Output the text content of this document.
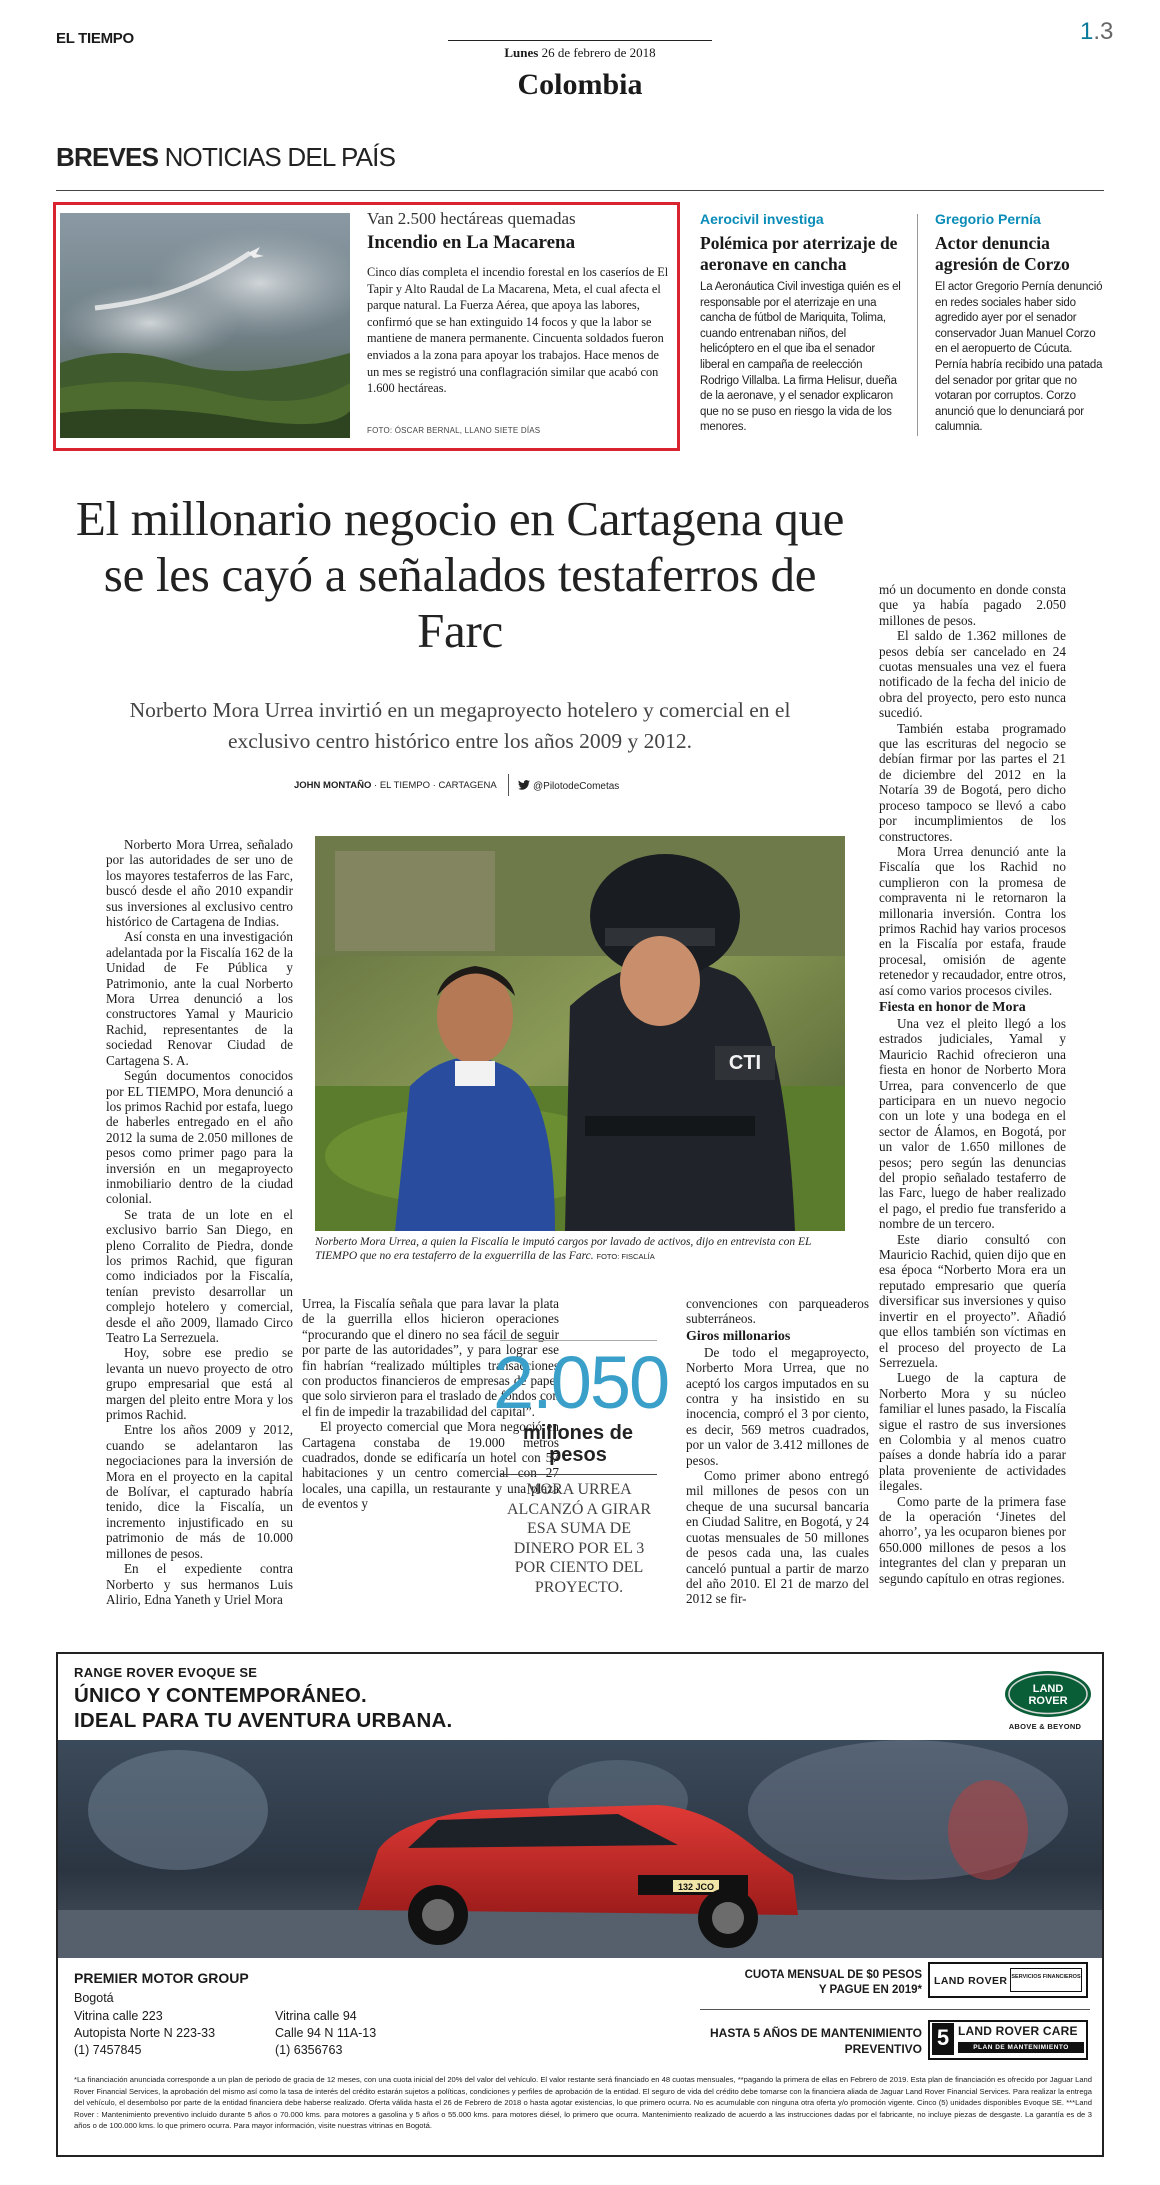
EL TIEMPO
Lunes 26 de febrero de 2018
Colombia
1.3
BREVES NOTICIAS DEL PAÍS
Van 2.500 hectáreas quemadas
Incendio en La Macarena
Cinco días completa el incendio forestal en los caseríos de El Tapir y Alto Raudal de La Macarena, Meta, el cual afecta el parque natural. La Fuerza Aérea, que apoya las labores, confirmó que se han extinguido 14 focos y que la labor se mantiene de manera permanente. Cincuenta soldados fueron enviados a la zona para apoyar los trabajos. Hace menos de un mes se registró una conflagración similar que acabó con 1.600 hectáreas.
FOTO: ÓSCAR BERNAL, LLANO SIETE DÍAS
Aerocivil investiga
Polémica por aterrizaje de aeronave en cancha
La Aeronáutica Civil investiga quién es el responsable por el aterrizaje en una cancha de fútbol de Mariquita, Tolima, cuando entrenaban niños, del helicóptero en el que iba el senador liberal en campaña de reelección Rodrigo Villalba. La firma Helisur, dueña de la aeronave, y el senador explicaron que no se puso en riesgo la vida de los menores.
Gregorio Pernía
Actor denuncia agresión de Corzo
El actor Gregorio Pernía denunció en redes sociales haber sido agredido ayer por el senador conservador Juan Manuel Corzo en el aeropuerto de Cúcuta. Pernía habría recibido una patada del senador por gritar que no votaran por corruptos. Corzo anunció que lo denunciará por calumnia.
El millonario negocio en Cartagena que se les cayó a señalados testaferros de Farc
Norberto Mora Urrea invirtió en un megaproyecto hotelero y comercial en el exclusivo centro histórico entre los años 2009 y 2012.
JOHN MONTAÑO · EL TIEMPO · CARTAGENA	@PilotodeCometas
CTI
Norberto Mora Urrea, a quien la Fiscalía le imputó cargos por lavado de activos, dijo en entrevista con EL TIEMPO que no era testaferro de la exguerrilla de las Farc. FOTO: FISCALÍA

Norberto Mora Urrea, señalado por las autoridades de ser uno de los mayores testaferros de las Farc, buscó desde el año 2010 expandir sus inversiones al exclusivo centro histórico de Cartagena de Indias.

Así consta en una investigación adelantada por la Fiscalía 162 de la Unidad de Fe Pública y Patrimonio, ante la cual Norberto Mora Urrea denunció a los constructores Yamal y Mauricio Rachid, representantes de la sociedad Renovar Ciudad de Cartagena S. A.

Según documentos conocidos por EL TIEMPO, Mora denunció a los primos Rachid por estafa, luego de haberles entregado en el año 2012 la suma de 2.050 millones de pesos como primer pago para la inversión en un megaproyecto inmobiliario dentro de la ciudad colonial.

Se trata de un lote en el exclusivo barrio San Diego, en pleno Corralito de Piedra, donde los primos Rachid, que figuran como indiciados por la Fiscalía, tenían previsto desarrollar un complejo hotelero y comercial, desde el año 2009, llamado Circo Teatro La Serrezuela.

Hoy, sobre ese predio se levanta un nuevo proyecto de otro grupo empresarial que está al margen del pleito entre Mora y los primos Rachid.

Entre los años 2009 y 2012, cuando se adelantaron las negociaciones para la inversión de Mora en el proyecto en la capital de Bolívar, el capturado habría tenido, dice la Fiscalía, un incremento injustificado en su patrimonio de más de 10.000 millones de pesos.

En el expediente contra Norberto y sus hermanos Luis Alirio, Edna Yaneth y Uriel Mora

Urrea, la Fiscalía señala que para lavar la plata de la guerrilla ellos hicieron operaciones “procurando que el dinero no sea fácil de seguir por parte de las autoridades”, y para lograr ese fin habrían “realizado múltiples transacciones con productos financieros de empresas de papel que solo sirvieron para el traslado de fondos con el fin de impedir la trazabilidad del capital”.

El proyecto comercial que Mora negoció en Cartagena constaba de 19.000 metros cuadrados, donde se edificaría un hotel con 57 habitaciones y un centro comercial con 27 locales, una capilla, un restaurante y una plaza de eventos y

2.050
millones de pesos
MORA URREA ALCANZÓ A GIRAR ESA SUMA DE DINERO POR EL 3 POR CIENTO DEL PROYECTO.

convenciones con parqueaderos subterráneos.

Giros millonarios

De todo el megaproyecto, Norberto Mora Urrea, que no aceptó los cargos imputados en su contra y ha insistido en su inocencia, compró el 3 por ciento, es decir, 569 metros cuadrados, por un valor de 3.412 millones de pesos.

Como primer abono entregó mil millones de pesos con un cheque de una sucursal bancaria en Ciudad Salitre, en Bogotá, y 24 cuotas mensuales de 50 millones de pesos cada una, las cuales canceló puntual a partir de marzo del año 2010. El 21 de marzo del 2012 se fir-

mó un documento en donde consta que ya había pagado 2.050 millones de pesos.

El saldo de 1.362 millones de pesos debía ser cancelado en 24 cuotas mensuales una vez el fuera notificado de la fecha del inicio de obra del proyecto, pero esto nunca sucedió.

También estaba programado que las escrituras del negocio se debían firmar por las partes el 21 de diciembre del 2012 en la Notaría 39 de Bogotá, pero dicho proceso tampoco se llevó a cabo por incumplimientos de los constructores.

Mora Urrea denunció ante la Fiscalía que los Rachid no cumplieron con la promesa de compraventa ni le retornaron la millonaria inversión. Contra los primos Rachid hay varios procesos en la Fiscalía por estafa, fraude procesal, omisión de agente retenedor y recaudador, entre otros, así como varios procesos civiles.

Fiesta en honor de Mora

Una vez el pleito llegó a los estrados judiciales, Yamal y Mauricio Rachid ofrecieron una fiesta en honor de Norberto Mora Urrea, para convencerlo de que participara en un nuevo negocio con un lote y una bodega en el sector de Álamos, en Bogotá, por un valor de 1.650 millones de pesos; pero según las denuncias del propio señalado testaferro de las Farc, luego de haber realizado el pago, el predio fue transferido a nombre de un tercero.

Este diario consultó con Mauricio Rachid, quien dijo que en esa época “Norberto Mora era un reputado empresario que quería diversificar sus inversiones y quiso invertir en el proyecto”. Añadió que ellos también son víctimas en el proceso del proyecto de La Serrezuela.

Luego de la captura de Norberto Mora y su núcleo familiar el lunes pasado, la Fiscalía sigue el rastro de sus inversiones en Colombia y al menos cuatro países a donde habría ido a parar plata proveniente de actividades ilegales.

Como parte de la primera fase de la operación ‘Jinetes del ahorro’, ya les ocuparon bienes por 650.000 millones de pesos a los integrantes del clan y preparan un segundo capítulo en otras regiones.

RANGE ROVER EVOQUE SE
ÚNICO Y CONTEMPORÁNEO.
IDEAL PARA TU AVENTURA URBANA.
LAND
ROVER
ABOVE & BEYOND
132 JCO
PREMIER MOTOR GROUP
Bogotá
Vitrina calle 223
Autopista Norte N 223-33
(1) 7457845
Vitrina calle 94
Calle 94 N 11A-13
(1) 6356763
CUOTA MENSUAL DE $0 PESOS
Y PAGUE EN 2019*
LAND ROVER SERVICIOS FINANCIEROS
HASTA 5 AÑOS DE MANTENIMIENTO
PREVENTIVO 5 LAND ROVER CARE
PLAN DE MANTENIMIENTO
*La financiación anunciada corresponde a un plan de periodo de gracia de 12 meses, con una cuota inicial del 20% del valor del vehículo. El valor restante será financiado en 48 cuotas mensuales, **pagando la primera de ellas en Febrero de 2019. Esta plan de financiación es ofrecido por Jaguar Land Rover Financial Services, la aprobación del mismo así como la tasa de interés del crédito estarán sujetos a políticas, condiciones y perfiles de aprobación de la entidad. El seguro de vida del crédito debe tomarse con la financiera aliada de Jaguar Land Rover Financial Services. Para realizar la entrega del vehículo, el desembolso por parte de la entidad financiera debe haberse realizado. Oferta válida hasta el 26 de Febrero de 2018 o hasta agotar existencias, lo que primero ocurra. No es acumulable con ninguna otra oferta y/o promoción vigente. Cinco (5) unidades disponibles Evoque SE. ***Land Rover : Mantenimiento preventivo incluido durante 5 años o 70.000 kms. para motores a gasolina y 5 años o 55.000 kms. para motores diésel, lo primero que ocurra. Mantenimiento realizado de acuerdo a las instrucciones dadas por el fabricante, no incluye piezas de desgaste. La garantía es de 3 años o de 100.000 kms. lo que primero ocurra. Para mayor información, visite nuestras vitrinas en Bogotá.
